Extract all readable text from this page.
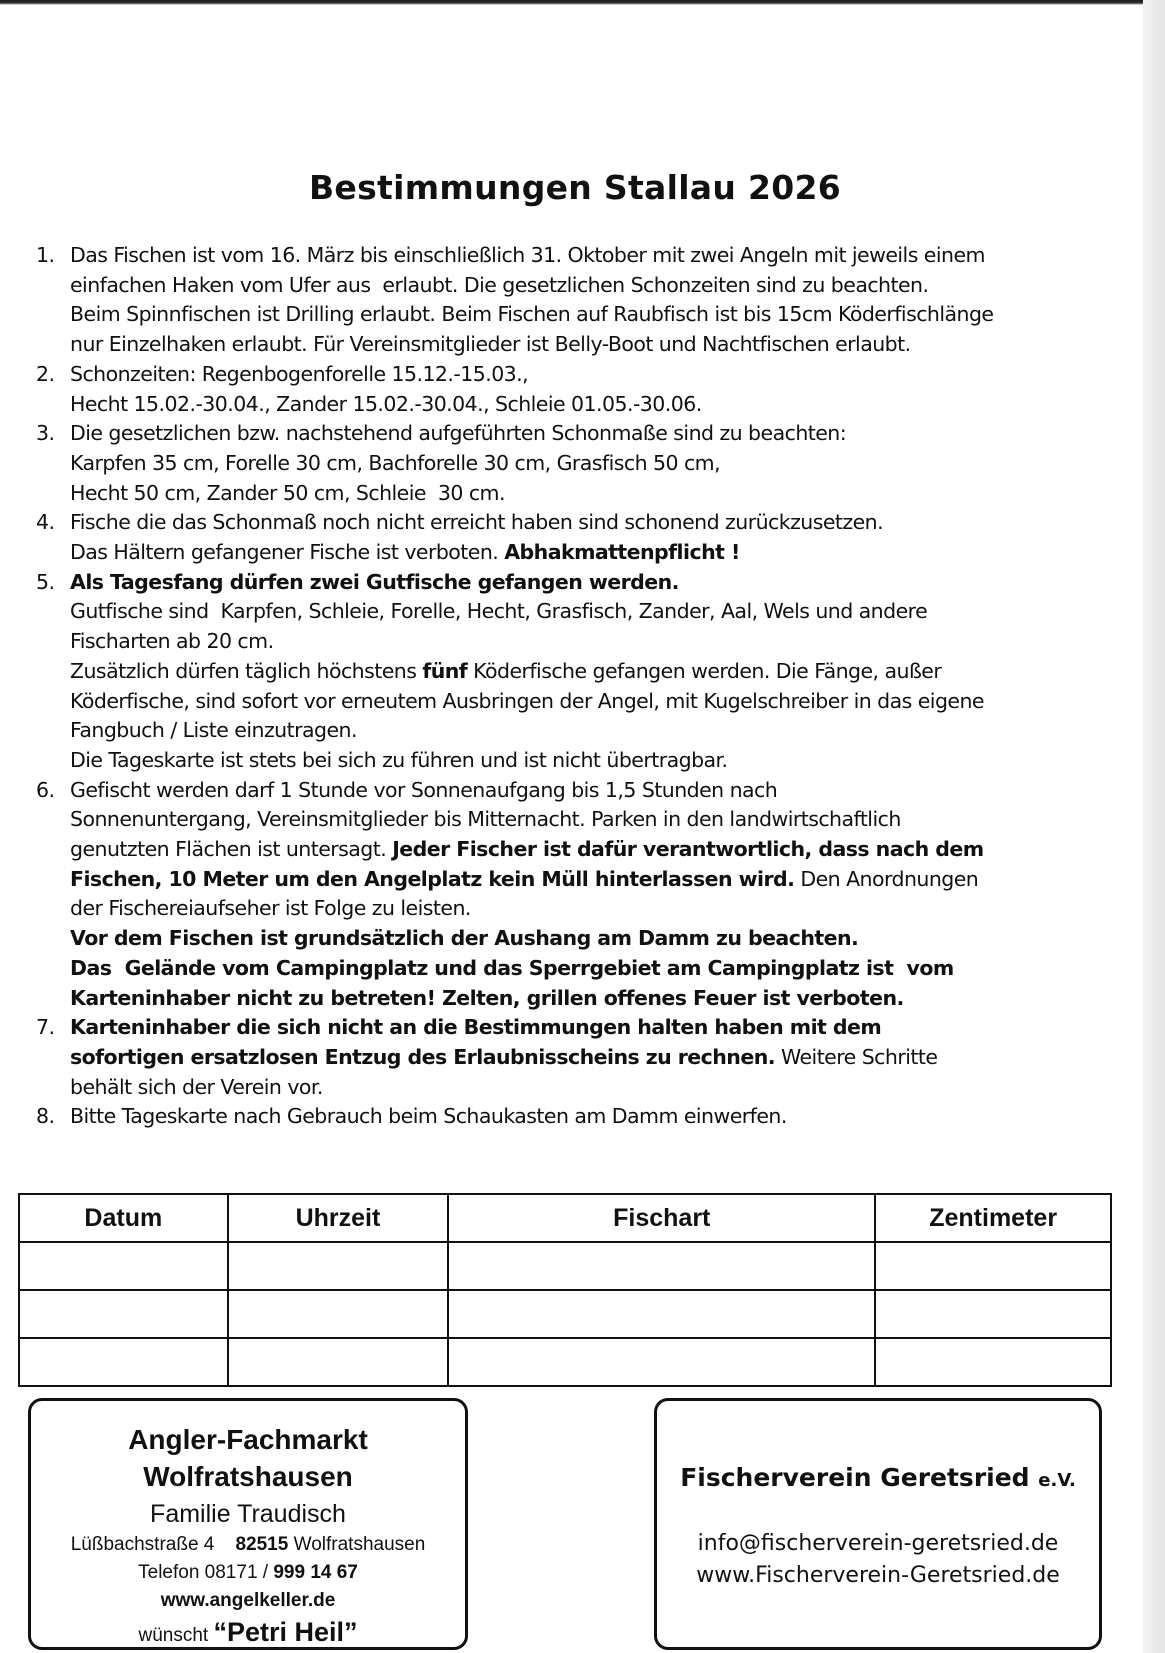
Bestimmungen Stallau 2026
1. Das Fischen ist vom 16. März bis einschließlich 31. Oktober mit zwei Angeln mit jeweils einem
einfachen Haken vom Ufer aus  erlaubt. Die gesetzlichen Schonzeiten sind zu beachten.
Beim Spinnfischen ist Drilling erlaubt. Beim Fischen auf Raubfisch ist bis 15cm Köderfischlänge
nur Einzelhaken erlaubt. Für Vereinsmitglieder ist Belly-Boot und Nachtfischen erlaubt.
2. Schonzeiten: Regenbogenforelle 15.12.-15.03.,
Hecht 15.02.-30.04., Zander 15.02.-30.04., Schleie 01.05.-30.06.
3. Die gesetzlichen bzw. nachstehend aufgeführten Schonmaße sind zu beachten:
Karpfen 35 cm, Forelle 30 cm, Bachforelle 30 cm, Grasfisch 50 cm,
Hecht 50 cm, Zander 50 cm, Schleie  30 cm.
4. Fische die das Schonmaß noch nicht erreicht haben sind schonend zurückzusetzen.
Das Hältern gefangener Fische ist verboten. Abhakmattenpflicht !
5. Als Tagesfang dürfen zwei Gutfische gefangen werden.
Gutfische sind  Karpfen, Schleie, Forelle, Hecht, Grasfisch, Zander, Aal, Wels und andere
Fischarten ab 20 cm.
Zusätzlich dürfen täglich höchstens fünf Köderfische gefangen werden. Die Fänge, außer
Köderfische, sind sofort vor erneutem Ausbringen der Angel, mit Kugelschreiber in das eigene
Fangbuch / Liste einzutragen.
Die Tageskarte ist stets bei sich zu führen und ist nicht übertragbar.
6. Gefischt werden darf 1 Stunde vor Sonnenaufgang bis 1,5 Stunden nach
Sonnenuntergang, Vereinsmitglieder bis Mitternacht. Parken in den landwirtschaftlich
genutzten Flächen ist untersagt. Jeder Fischer ist dafür verantwortlich, dass nach dem
Fischen, 10 Meter um den Angelplatz kein Müll hinterlassen wird. Den Anordnungen
der Fischereiaufseher ist Folge zu leisten.
Vor dem Fischen ist grundsätzlich der Aushang am Damm zu beachten.
Das  Gelände vom Campingplatz und das Sperrgebiet am Campingplatz ist  vom
Karteninhaber nicht zu betreten! Zelten, grillen offenes Feuer ist verboten.
7. Karteninhaber die sich nicht an die Bestimmungen halten haben mit dem
sofortigen ersatzlosen Entzug des Erlaubnisscheins zu rechnen. Weitere Schritte
behält sich der Verein vor.
8. Bitte Tageskarte nach Gebrauch beim Schaukasten am Damm einwerfen.
Datum	Uhrzeit	Fischart	Zentimeter

Angler-Fachmarkt
Wolfratshausen
Familie Traudisch
Lüßbachstraße 4 82515 Wolfratshausen
Telefon 08171 / 999 14 67
www.angelkeller.de
wünscht “Petri Heil”
Fischerverein Geretsried e.V.
info@fischerverein-geretsried.de
www.Fischerverein-Geretsried.de
